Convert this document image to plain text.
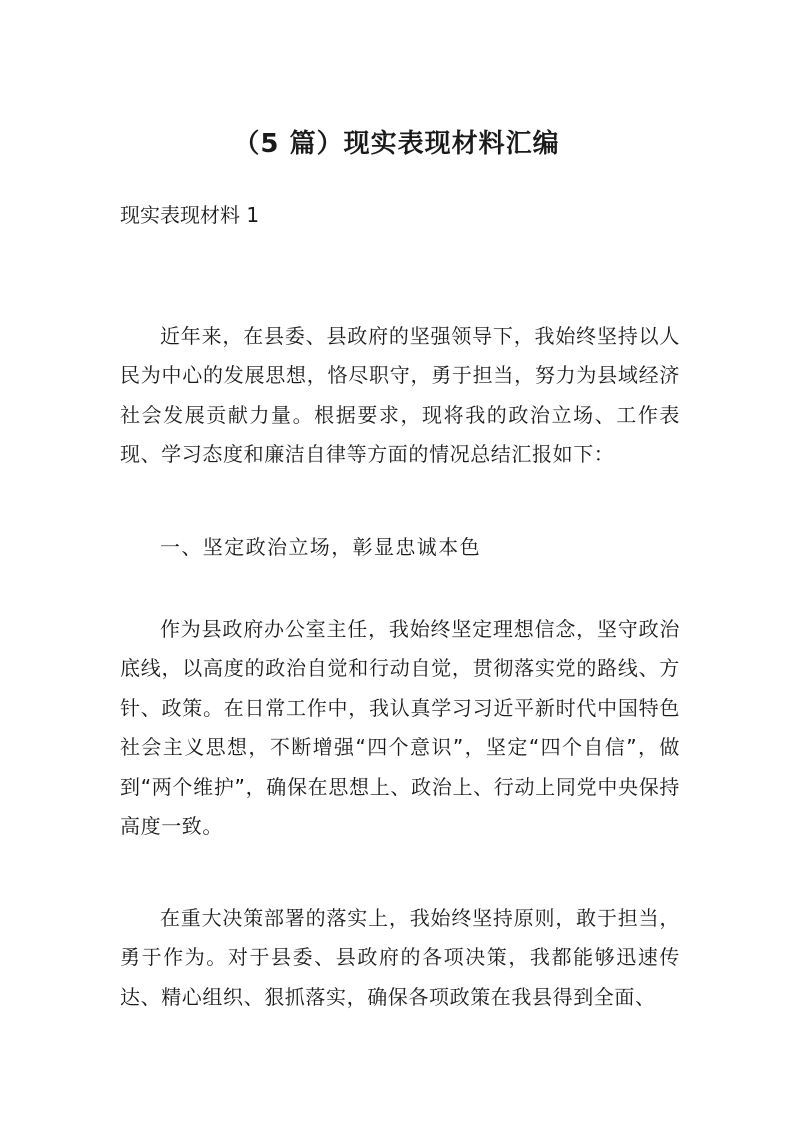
（5 篇）现实表现材料汇编

现实表现材料 1

近年来，在县委、县政府的坚强领导下，我始终坚持以人民为中心的发展思想，恪尽职守，勇于担当，努力为县域经济社会发展贡献力量。根据要求，现将我的政治立场、工作表现、学习态度和廉洁自律等方面的情况总结汇报如下：

一、坚定政治立场，彰显忠诚本色

作为县政府办公室主任，我始终坚定理想信念，坚守政治底线，以高度的政治自觉和行动自觉，贯彻落实党的路线、方针、政策。在日常工作中，我认真学习习近平新时代中国特色社会主义思想，不断增强“四个意识”，坚定“四个自信”，做到“两个维护”，确保在思想上、政治上、行动上同党中央保持高度一致。

在重大决策部署的落实上，我始终坚持原则，敢于担当，勇于作为。对于县委、县政府的各项决策，我都能够迅速传达、精心组织、狠抓落实，确保各项政策在我县得到全面、
